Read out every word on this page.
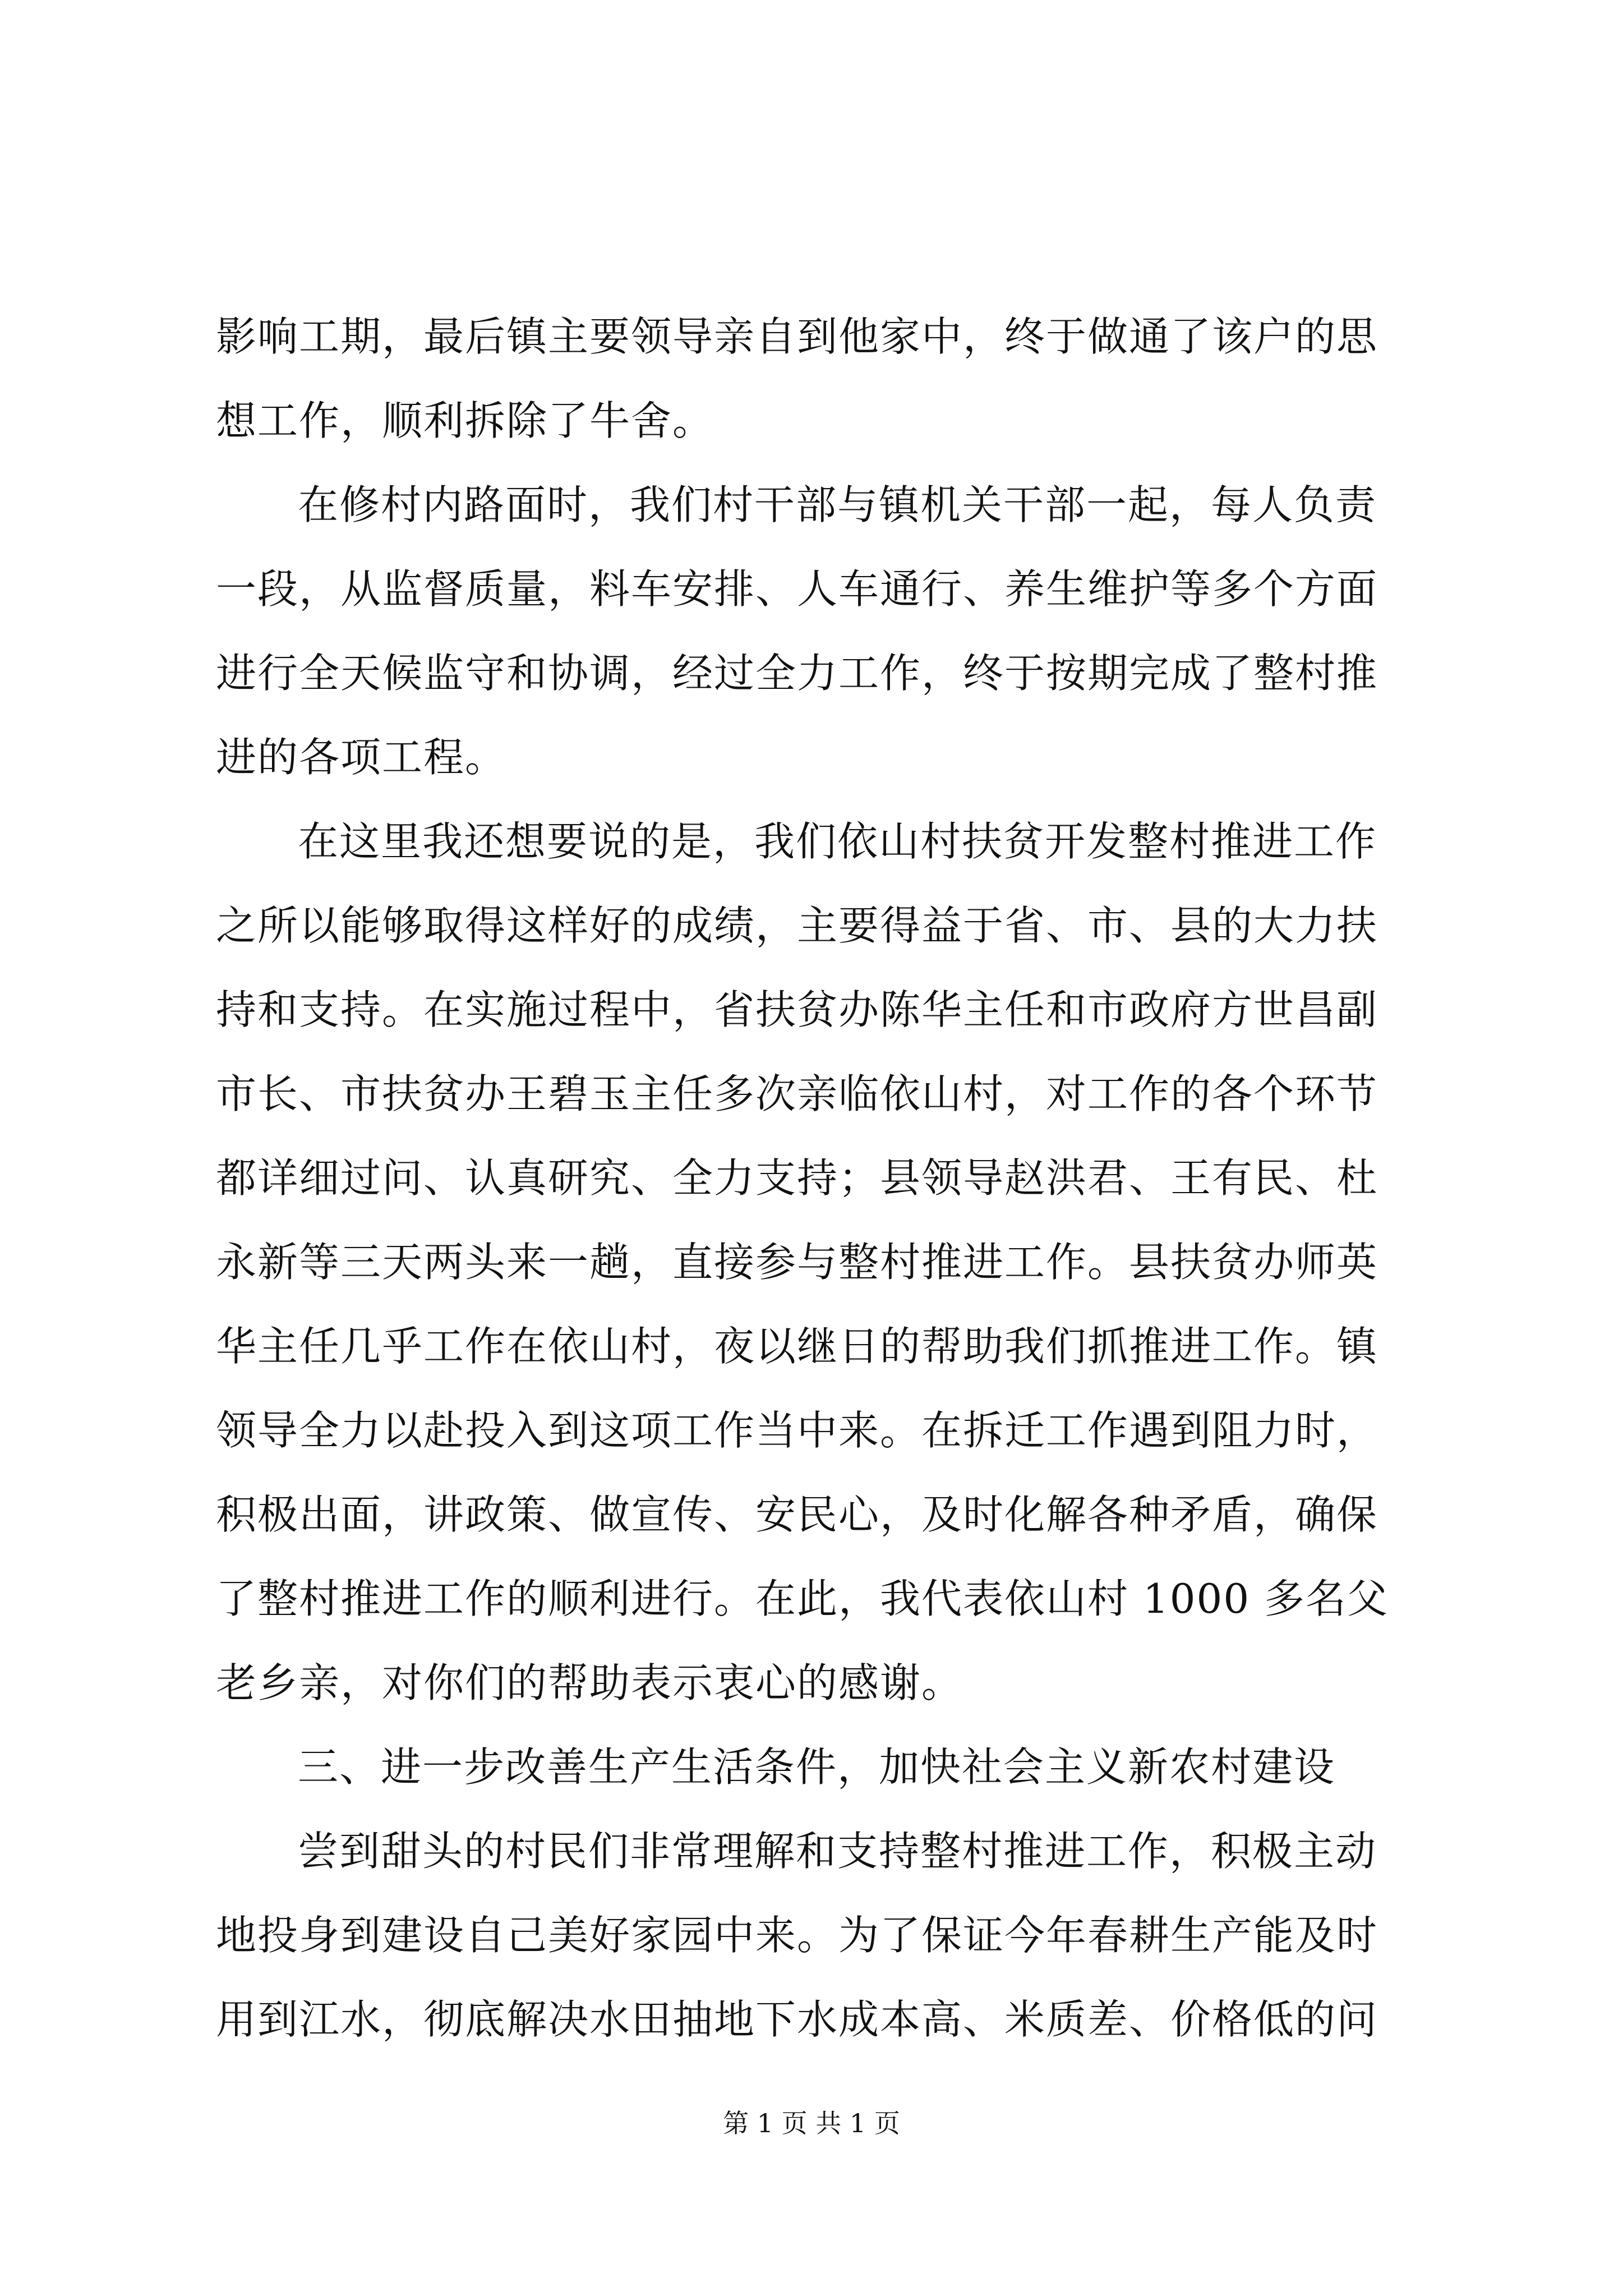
影响工期，最后镇主要领导亲自到他家中，终于做通了该户的思
想工作，顺利拆除了牛舍。
在修村内路面时，我们村干部与镇机关干部一起，每人负责
一段，从监督质量，料车安排、人车通行、养生维护等多个方面
进行全天候监守和协调，经过全力工作，终于按期完成了整村推
进的各项工程。
在这里我还想要说的是，我们依山村扶贫开发整村推进工作
之所以能够取得这样好的成绩，主要得益于省、市、县的大力扶
持和支持。在实施过程中，省扶贫办陈华主任和市政府方世昌副
市长、市扶贫办王碧玉主任多次亲临依山村，对工作的各个环节
都详细过问、认真研究、全力支持；县领导赵洪君、王有民、杜
永新等三天两头来一趟，直接参与整村推进工作。县扶贫办师英
华主任几乎工作在依山村，夜以继日的帮助我们抓推进工作。镇
领导全力以赴投入到这项工作当中来。在拆迁工作遇到阻力时，
积极出面，讲政策、做宣传、安民心，及时化解各种矛盾，确保
了整村推进工作的顺利进行。在此，我代表依山村 1000 多名父
老乡亲，对你们的帮助表示衷心的感谢。
三、进一步改善生产生活条件，加快社会主义新农村建设
尝到甜头的村民们非常理解和支持整村推进工作，积极主动
地投身到建设自己美好家园中来。为了保证今年春耕生产能及时
用到江水，彻底解决水田抽地下水成本高、米质差、价格低的问
第 1 页 共 1 页
